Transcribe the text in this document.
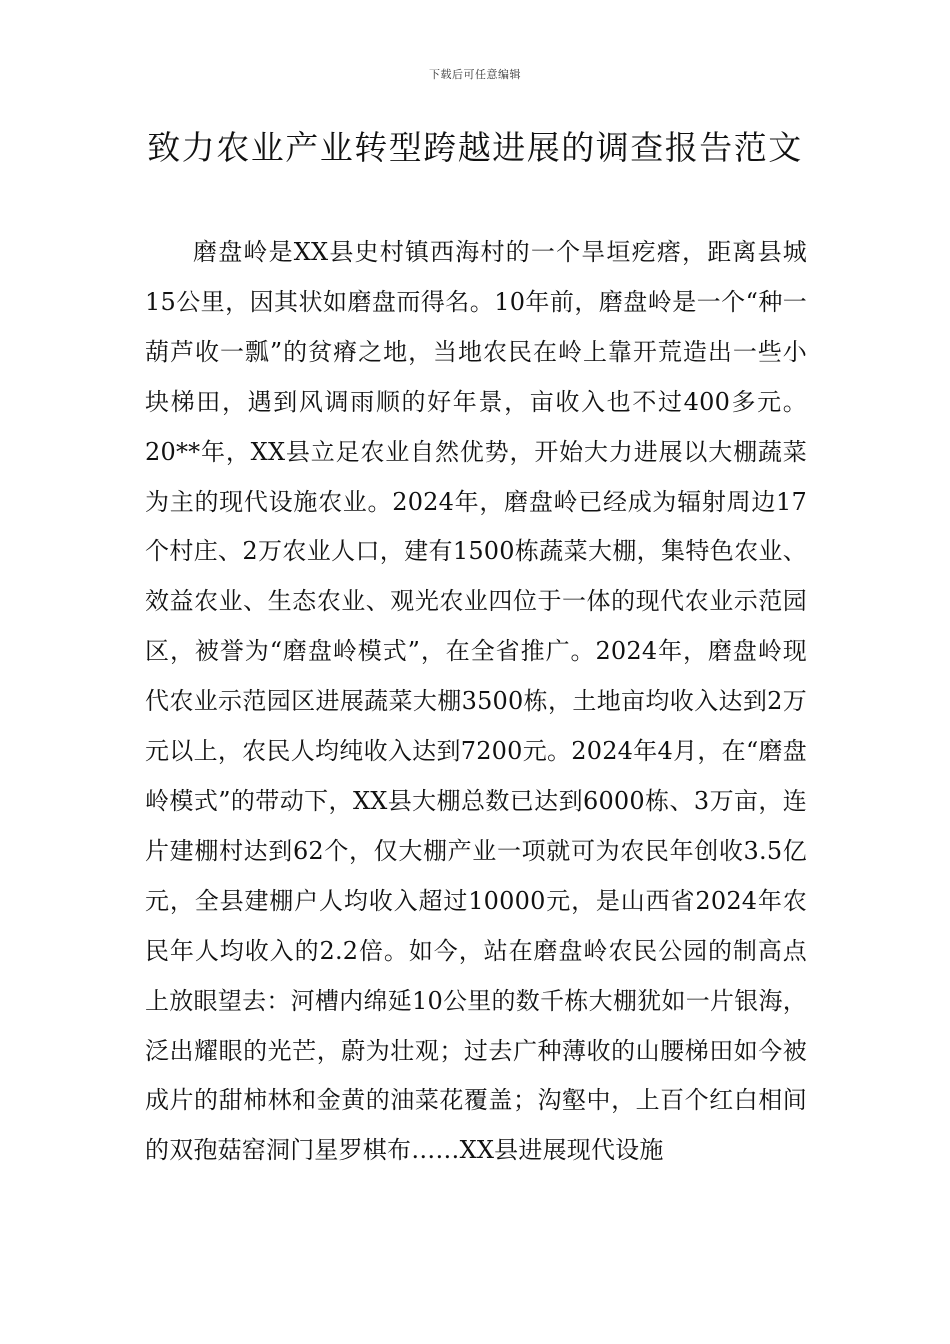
下载后可任意编辑
致力农业产业转型跨越进展的调查报告范文

磨盘岭是XX县史村镇西海村的一个旱垣疙瘩，距离县城15公里，因其状如磨盘而得名。10年前，磨盘岭是一个“种一葫芦收一瓢”的贫瘠之地，当地农民在岭上靠开荒造出一些小块梯田，遇到风调雨顺的好年景，亩收入也不过400多元。20**年，XX县立足农业自然优势，开始大力进展以大棚蔬菜为主的现代设施农业。2024年，磨盘岭已经成为辐射周边17个村庄、2万农业人口，建有1500栋蔬菜大棚，集特色农业、效益农业、生态农业、观光农业四位于一体的现代农业示范园区，被誉为“磨盘岭模式”，在全省推广。2024年，磨盘岭现代农业示范园区进展蔬菜大棚3500栋，土地亩均收入达到2万元以上，农民人均纯收入达到7200元。2024年4月，在“磨盘岭模式”的带动下，XX县大棚总数已达到6000栋、3万亩，连片建棚村达到62个，仅大棚产业一项就可为农民年创收3.5亿元，全县建棚户人均收入超过10000元，是山西省2024年农民年人均收入的2.2倍。如今，站在磨盘岭农民公园的制高点上放眼望去：河槽内绵延10公里的数千栋大棚犹如一片银海，泛出耀眼的光芒，蔚为壮观；过去广种薄收的山腰梯田如今被成片的甜柿林和金黄的油菜花覆盖；沟壑中，上百个红白相间的双孢菇窑洞门星罗棋布……XX县进展现代设施
